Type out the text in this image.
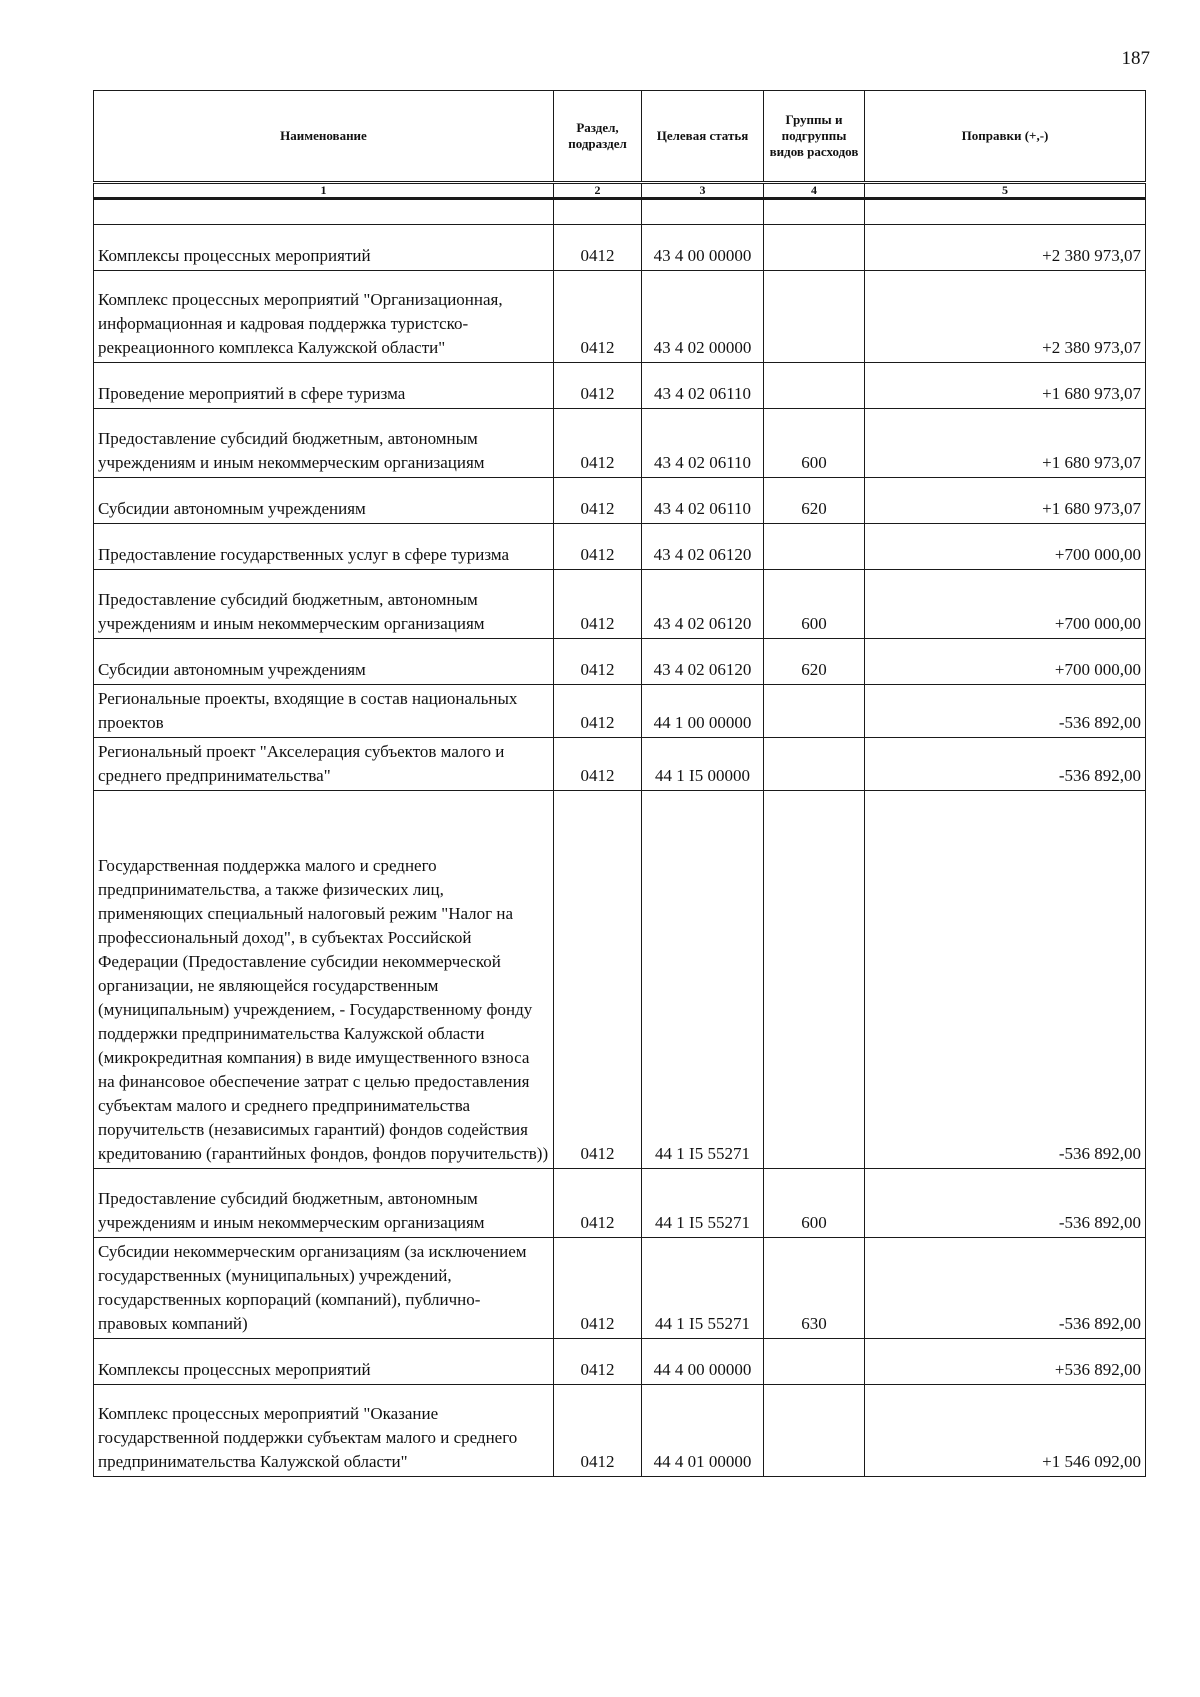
187
Наименование	Раздел, подраздел	Целевая статья	Группы и подгруппы видов расходов	Поправки (+,-)
1	2	3	4	5

Комплексы процессных мероприятий	0412	43 4 00 00000		+2 380 973,07
Комплекс процессных мероприятий "Организационная, информационная и кадровая поддержка туристско-рекреационного комплекса Калужской области"	0412	43 4 02 00000		+2 380 973,07
Проведение мероприятий в сфере туризма	0412	43 4 02 06110		+1 680 973,07
Предоставление субсидий бюджетным, автономным учреждениям и иным некоммерческим организациям	0412	43 4 02 06110	600	+1 680 973,07
Субсидии автономным учреждениям	0412	43 4 02 06110	620	+1 680 973,07
Предоставление государственных услуг в сфере туризма	0412	43 4 02 06120		+700 000,00
Предоставление субсидий бюджетным, автономным учреждениям и иным некоммерческим организациям	0412	43 4 02 06120	600	+700 000,00
Субсидии автономным учреждениям	0412	43 4 02 06120	620	+700 000,00
Региональные проекты, входящие в состав национальных проектов	0412	44 1 00 00000		-536 892,00
Региональный проект "Акселерация субъектов малого и среднего предпринимательства"	0412	44 1 I5 00000		-536 892,00
Государственная поддержка малого и среднего предпринимательства, а также физических лиц, применяющих специальный налоговый режим "Налог на профессиональный доход", в субъектах Российской Федерации (Предоставление субсидии некоммерческой организации, не являющейся государственным (муниципальным) учреждением, - Государственному фонду поддержки предпринимательства Калужской области (микрокредитная компания) в виде имущественного взноса на финансовое обеспечение затрат с целью предоставления субъектам малого и среднего предпринимательства поручительств (независимых гарантий) фондов содействия кредитованию (гарантийных фондов, фондов поручительств))	0412	44 1 I5 55271		-536 892,00
Предоставление субсидий бюджетным, автономным учреждениям и иным некоммерческим организациям	0412	44 1 I5 55271	600	-536 892,00
Субсидии некоммерческим организациям (за исключением государственных (муниципальных) учреждений, государственных корпораций (компаний), публично-правовых компаний)	0412	44 1 I5 55271	630	-536 892,00
Комплексы процессных мероприятий	0412	44 4 00 00000		+536 892,00
Комплекс процессных мероприятий "Оказание государственной поддержки субъектам малого и среднего предпринимательства Калужской области"	0412	44 4 01 00000		+1 546 092,00
